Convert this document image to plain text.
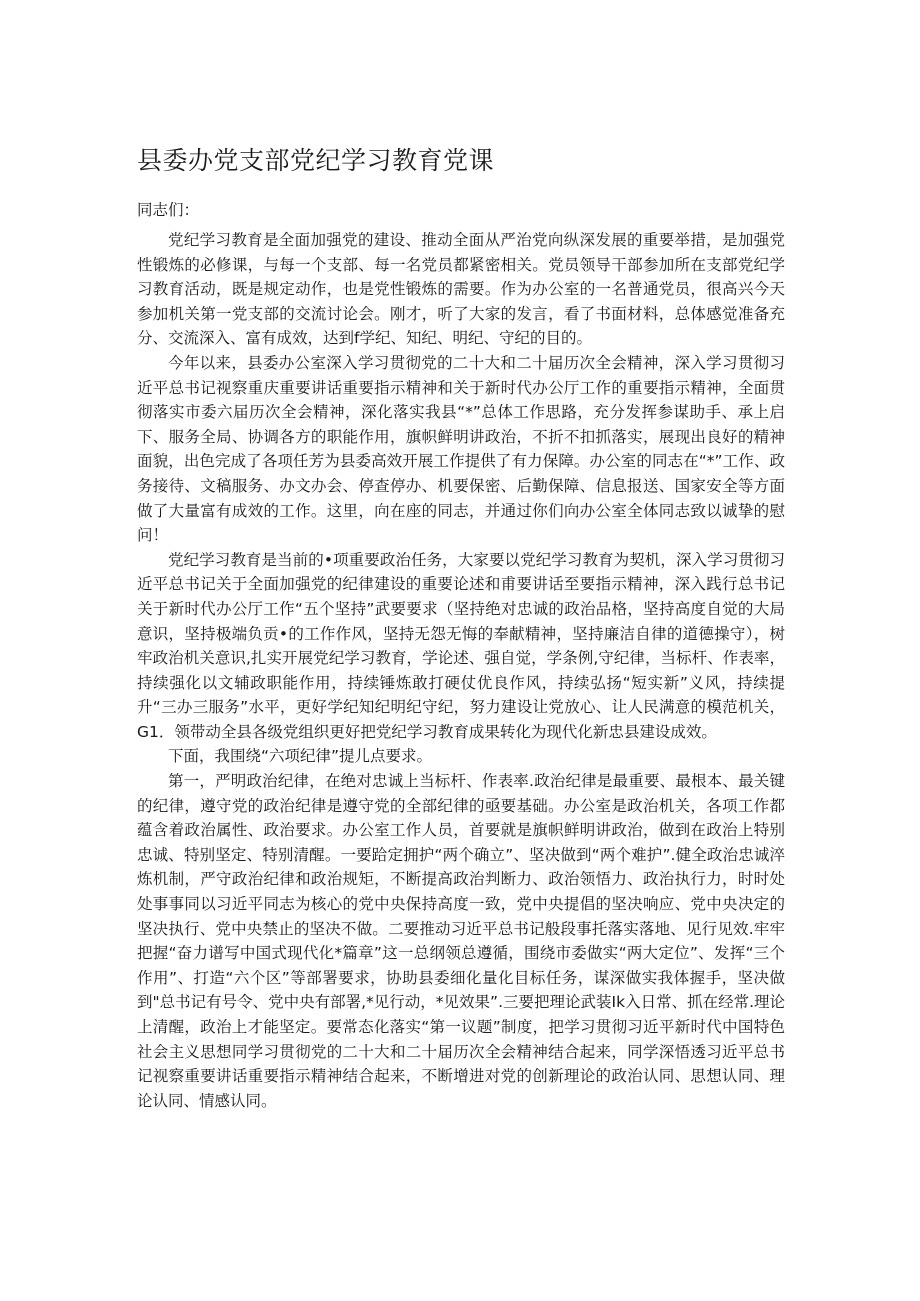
县委办党支部党纪学习教育党课

同志们：

党纪学习教育是全面加强党的建设、推动全面从严治党向纵深发展的重要举措，是加强党性锻炼的必修课，与每一个支部、每一名党员都紧密相关。党员领导干部参加所在支部党纪学习教育活动，既是规定动作，也是党性锻炼的需要。作为办公室的一名普通党员，很高兴今天参加机关第一党支部的交流讨论会。刚才，听了大家的发言，看了书面材料，总体感觉准备充分、交流深入、富有成效，达到f学纪、知纪、明纪、守纪的目的。

今年以来，县委办公室深入学习贯彻党的二十大和二十届历次全会精神，深入学习贯彻习近平总书记视察重庆重要讲话重要指示精神和关于新时代办公厅工作的重要指示精神，全面贯彻落实市委六届历次全会精神，深化落实我县“*”总体工作思路，充分发挥参谋助手、承上启下、服务全局、协调各方的职能作用，旗帜鲜明讲政治，不折不扣抓落实，展现出良好的精神面貌，出色完成了各项任芳为县委高效开展工作提供了有力保障。办公室的同志在“*”工作、政务接待、文稿服务、办文办会、停查停办、机要保密、后勤保障、信息报送、国家安全等方面做了大量富有成效的工作。这里，向在座的同志，并通过你们向办公室全体同志致以诚挚的慰问！

党纪学习教育是当前的•项重要政治任务，大家要以党纪学习教育为契机，深入学习贯彻习近平总书记关于全面加强党的纪律建设的重要论述和甫要讲话至要指示精神，深入践行总书记关于新时代办公厅工作“五个坚持”武要要求（坚持绝对忠诚的政治品格，坚持高度自觉的大局意识，坚持极端负贡•的工作作风，坚持无怨无悔的奉献精神，坚持廉洁自律的道德操守），树牢政治机关意识,扎实开展党纪学习教育，学论述、强自觉，学条例,守纪律，当标杆、作表率，持续强化以文辅政职能作用，持续锤炼敢打硬仗优良作风，持续弘扬“短实新”义风，持续提升“三办三服务”水平，更好学纪知纪明纪守纪，努力建设让党放心、让人民满意的模范机关，G1．领带动全县各级党组织更好把党纪学习教育成果转化为现代化新忠县建设成效。

下面，我围绕“六项纪律”提儿点要求。

第一，严明政治纪律，在绝对忠诚上当标杆、作表率.政治纪律是最重要、最根本、最关键的纪律，遵守党的政治纪律是遵守党的全部纪律的亟要基础。办公室是政治机关，各项工作都蕴含着政治属性、政治要求。办公室工作人员，首要就是旗帜鲜明讲政治，做到在政治上特别忠诚、特别坚定、特别清醒。一要跲定拥护“两个确立”、坚决做到“两个难护”.健全政治忠诚淬炼机制，严守政治纪律和政治规矩，不断提高政治判断力、政治领悟力、政治执行力，时时处处事事同以习近平同志为核心的党中央保持高度一致，党中央提倡的坚决响应、党中央决定的坚决执行、党中央禁止的坚决不做。二要推动习近平总书记般段事托落实落地、见行见效.牢牢把握“奋力谱写中国式现代化*篇章”这一总纲领总遵循，围绕市委做实“两大定位”、发挥“三个作用”、打造“六个区”等部署要求，协助县委细化量化目标任务，谋深做实我体握手，坚决做到"总书记有号令、党中央有部署,*见行动，*见效果”.三要把理论武装Ik入日常、抓在经常.理论上清醒，政治上才能坚定。要常态化落实“第一议题”制度，把学习贯彻习近平新时代中国特色社会主义思想同学习贯彻党的二十大和二十届历次全会精神结合起来，同学深悟透习近平总书记视察重要讲话重要指示精神结合起来，不断增进对党的创新理论的政治认同、思想认同、理论认同、情感认同。
